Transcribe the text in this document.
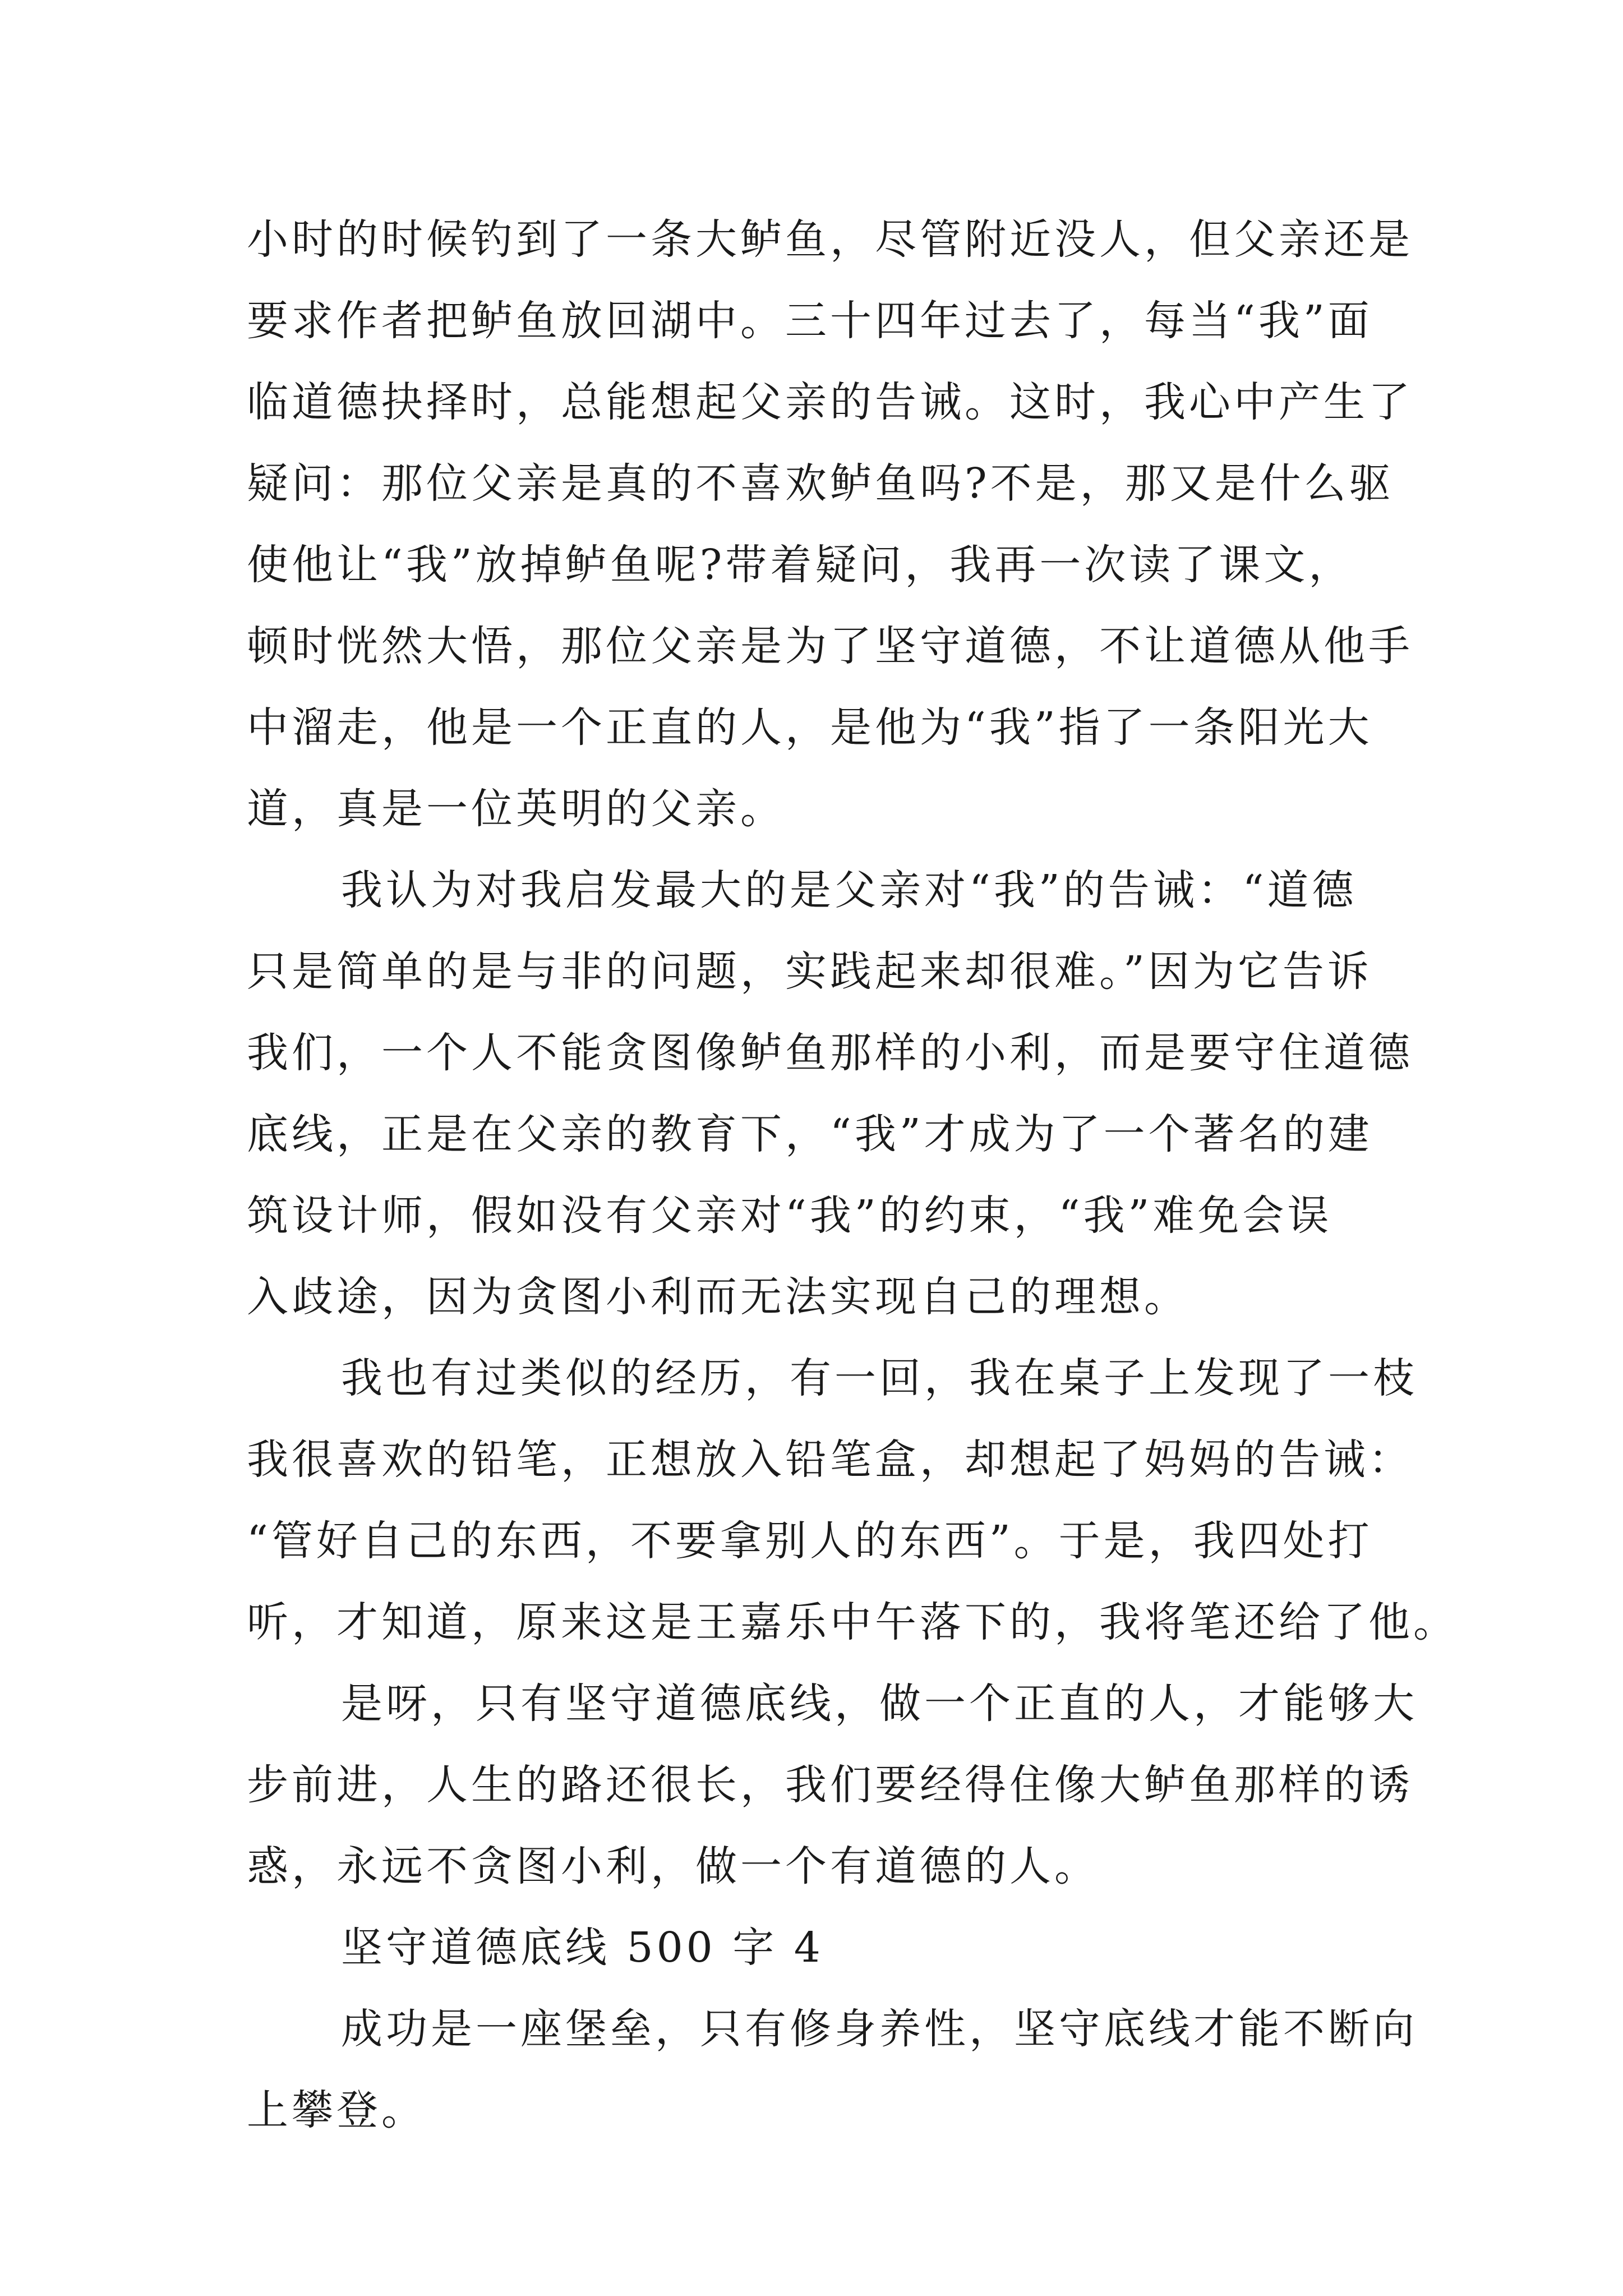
小时的时候钓到了一条大鲈鱼，尽管附近没人，但父亲还是
要求作者把鲈鱼放回湖中。三十四年过去了，每当“我”面
临道德抉择时，总能想起父亲的告诫。这时，我心中产生了
疑问：那位父亲是真的不喜欢鲈鱼吗?不是，那又是什么驱
使他让“我”放掉鲈鱼呢?带着疑问，我再一次读了课文，
顿时恍然大悟，那位父亲是为了坚守道德，不让道德从他手
中溜走，他是一个正直的人，是他为“我”指了一条阳光大
道，真是一位英明的父亲。
我认为对我启发最大的是父亲对“我”的告诫：“道德
只是简单的是与非的问题，实践起来却很难。”因为它告诉
我们，一个人不能贪图像鲈鱼那样的小利，而是要守住道德
底线，正是在父亲的教育下，“我”才成为了一个著名的建
筑设计师，假如没有父亲对“我”的约束，“我”难免会误
入歧途，因为贪图小利而无法实现自己的理想。
我也有过类似的经历，有一回，我在桌子上发现了一枝
我很喜欢的铅笔，正想放入铅笔盒，却想起了妈妈的告诫：
“管好自己的东西，不要拿别人的东西”。于是，我四处打
听，才知道，原来这是王嘉乐中午落下的，我将笔还给了他。
是呀，只有坚守道德底线，做一个正直的人，才能够大
步前进，人生的路还很长，我们要经得住像大鲈鱼那样的诱
惑，永远不贪图小利，做一个有道德的人。
坚守道德底线 500 字 4
成功是一座堡垒，只有修身养性，坚守底线才能不断向
上攀登。
